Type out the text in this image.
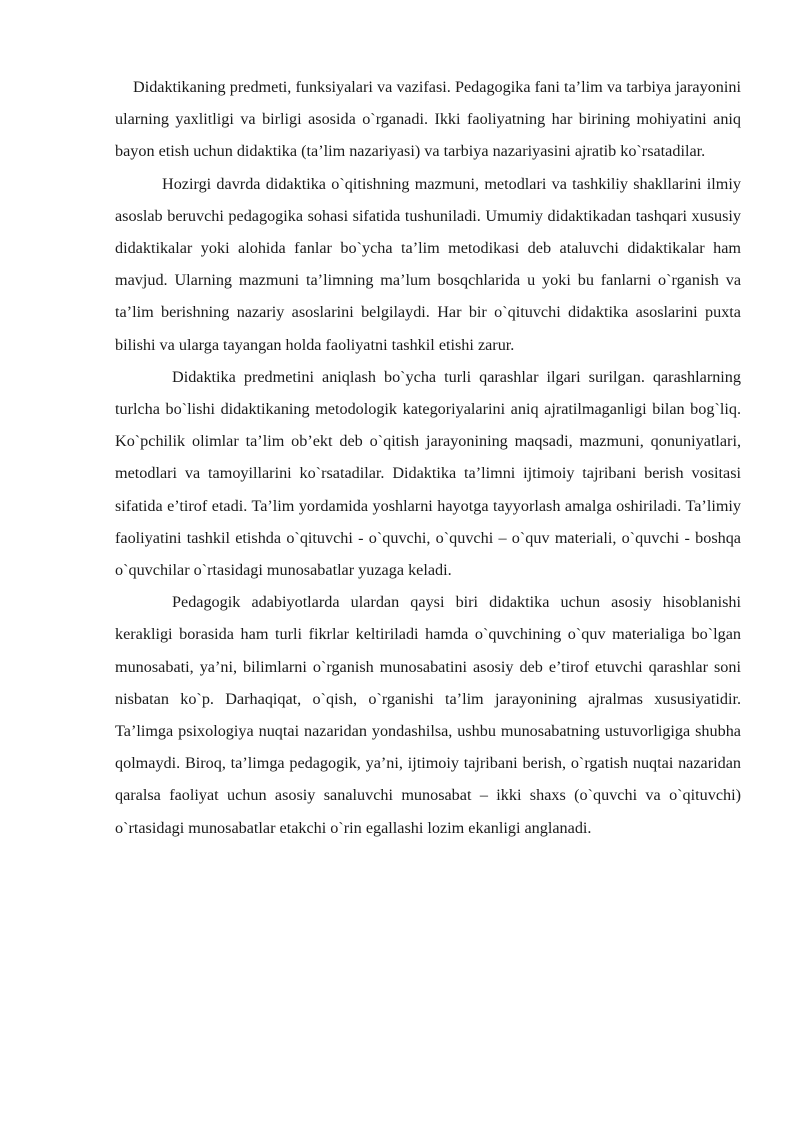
Didaktikaning predmeti, funksiyalari va vazifasi. Pedagogika fani ta’lim va tarbiya jarayonini ularning yaxlitligi va birligi asosida o`rganadi. Ikki faoliyatning har birining mohiyatini aniq bayon etish uchun didaktika (ta’lim nazariyasi) va tarbiya nazariyasini ajratib ko`rsatadilar.

Hozirgi davrda didaktika o`qitishning mazmuni, metodlari va tashkiliy shakllarini ilmiy asoslab beruvchi pedagogika sohasi sifatida tushuniladi. Umumiy didaktikadan tashqari xususiy didaktikalar yoki alohida fanlar bo`ycha ta’lim metodikasi deb ataluvchi didaktikalar ham mavjud. Ularning mazmuni ta’limning ma’lum bosqchlarida u yoki bu fanlarni o`rganish va ta’lim berishning nazariy asoslarini belgilaydi. Har bir o`qituvchi didaktika asoslarini puxta bilishi va ularga tayangan holda faoliyatni tashkil etishi zarur.

Didaktika predmetini aniqlash bo`ycha turli qarashlar ilgari surilgan. qarashlarning turlcha bo`lishi didaktikaning metodologik kategoriyalarini aniq ajratilmaganligi bilan bog`liq. Ko`pchilik olimlar ta’lim ob’ekt deb o`qitish jarayonining maqsadi, mazmuni, qonuniyatlari, metodlari va tamoyillarini ko`rsatadilar. Didaktika ta’limni ijtimoiy tajribani berish vositasi sifatida e’tirof etadi. Ta’lim yordamida yoshlarni hayotga tayyorlash amalga oshiriladi. Ta’limiy faoliyatini tashkil etishda o`qituvchi - o`quvchi, o`quvchi – o`quv materiali, o`quvchi - boshqa o`quvchilar o`rtasidagi munosabatlar yuzaga keladi.

Pedagogik adabiyotlarda ulardan qaysi biri didaktika uchun asosiy hisoblanishi kerakligi borasida ham turli fikrlar keltiriladi hamda o`quvchining o`quv materialiga bo`lgan munosabati, ya’ni, bilimlarni o`rganish munosabatini asosiy deb e’tirof etuvchi qarashlar soni nisbatan ko`p. Darhaqiqat, o`qish, o`rganishi ta’lim jarayonining ajralmas xususiyatidir. Ta’limga psixologiya nuqtai nazaridan yondashilsa, ushbu munosabatning ustuvorligiga shubha qolmaydi. Biroq, ta’limga pedagogik, ya’ni, ijtimoiy tajribani berish, o`rgatish nuqtai nazaridan qaralsa faoliyat uchun asosiy sanaluvchi munosabat – ikki shaxs (o`quvchi va o`qituvchi) o`rtasidagi munosabatlar etakchi o`rin egallashi lozim ekanligi anglanadi.
